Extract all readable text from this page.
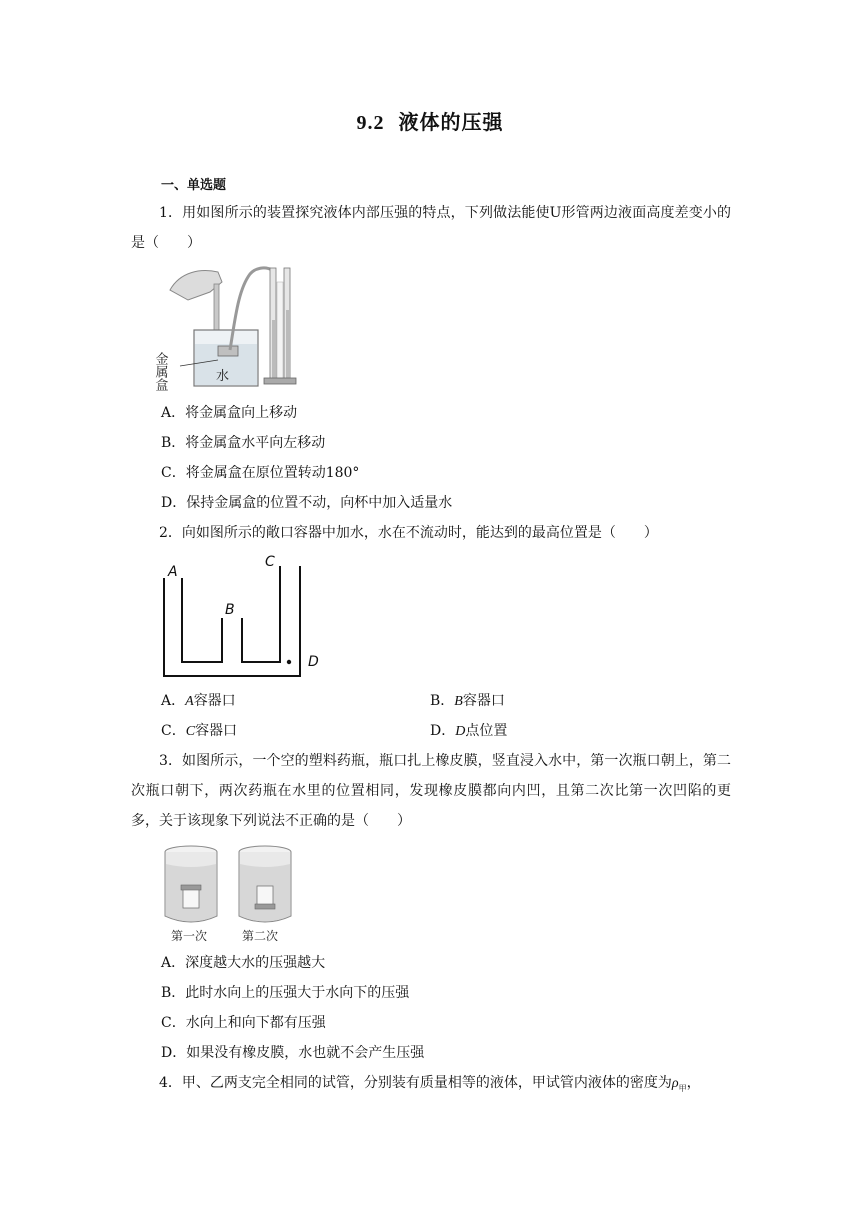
9.2 液体的压强
一、单选题
1．用如图所示的装置探究液体内部压强的特点，下列做法能使U形管两边液面高度差变小的是（　　）
金属盒	水
A．将金属盒向上移动
B．将金属盒水平向左移动
C．将金属盒在原位置转动180°
D．保持金属盒的位置不动，向杯中加入适量水
2．向如图所示的敞口容器中加水，水在不流动时，能达到的最高位置是（　　）
A
B
C
D
A．A容器口	B．B容器口
C．C容器口	D．D点位置
3．如图所示，一个空的塑料药瓶，瓶口扎上橡皮膜，竖直浸入水中，第一次瓶口朝上，第二次瓶口朝下，两次药瓶在水里的位置相同，发现橡皮膜都向内凹，且第二次比第一次凹陷的更多，关于该现象下列说法不正确的是（　　）
第一次	第二次
A．深度越大水的压强越大
B．此时水向上的压强大于水向下的压强
C．水向上和向下都有压强
D．如果没有橡皮膜，水也就不会产生压强
4．甲、乙两支完全相同的试管，分别装有质量相等的液体，甲试管内液体的密度为$\rho_甲$，
